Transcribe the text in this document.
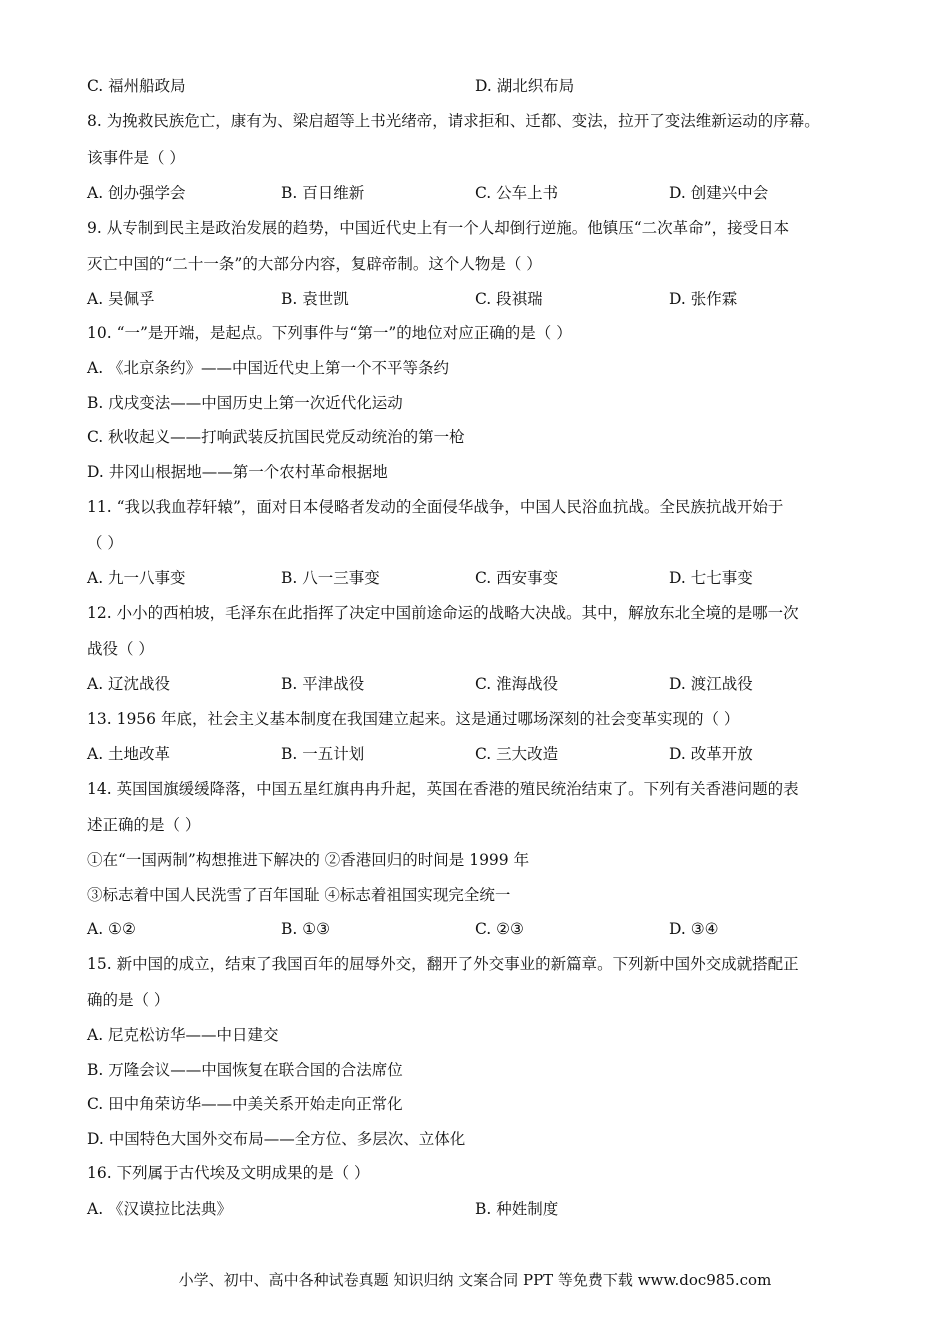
C. 福州船政局	D. 湖北织布局
8. 为挽救民族危亡，康有为、梁启超等上书光绪帝，请求拒和、迁都、变法，拉开了变法维新运动的序幕。
该事件是（ ）
A. 创办强学会	B. 百日维新	C. 公车上书	D. 创建兴中会
9. 从专制到民主是政治发展的趋势，中国近代史上有一个人却倒行逆施。他镇压“二次革命”，接受日本
灭亡中国的“二十一条”的大部分内容，复辟帝制。这个人物是（ ）
A. 吴佩孚	B. 袁世凯	C. 段祺瑞	D. 张作霖
10. “一”是开端，是起点。下列事件与“第一”的地位对应正确的是（ ）
A. 《北京条约》——中国近代史上第一个不平等条约
B. 戊戌变法——中国历史上第一次近代化运动
C. 秋收起义——打响武装反抗国民党反动统治的第一枪
D. 井冈山根据地——第一个农村革命根据地
11. “我以我血荐轩辕”，面对日本侵略者发动的全面侵华战争，中国人民浴血抗战。全民族抗战开始于
（ ）
A. 九一八事变	B. 八一三事变	C. 西安事变	D. 七七事变
12. 小小的西柏坡，毛泽东在此指挥了决定中国前途命运的战略大决战。其中，解放东北全境的是哪一次
战役（ ）
A. 辽沈战役	B. 平津战役	C. 淮海战役	D. 渡江战役
13. 1956 年底，社会主义基本制度在我国建立起来。这是通过哪场深刻的社会变革实现的（ ）
A. 土地改革	B. 一五计划	C. 三大改造	D. 改革开放
14. 英国国旗缓缓降落，中国五星红旗冉冉升起，英国在香港的殖民统治结束了。下列有关香港问题的表
述正确的是（ ）
①在“一国两制”构想推进下解决的 ②香港回归的时间是 1999 年
③标志着中国人民洗雪了百年国耻 ④标志着祖国实现完全统一
A. ①②	B. ①③	C. ②③	D. ③④
15. 新中国的成立，结束了我国百年的屈辱外交，翻开了外交事业的新篇章。下列新中国外交成就搭配正
确的是（ ）
A. 尼克松访华——中日建交
B. 万隆会议——中国恢复在联合国的合法席位
C. 田中角荣访华——中美关系开始走向正常化
D. 中国特色大国外交布局——全方位、多层次、立体化
16. 下列属于古代埃及文明成果的是（ ）
A. 《汉谟拉比法典》	B. 种姓制度
小学、初中、高中各种试卷真题 知识归纳 文案合同 PPT 等免费下载 www.doc985.com
